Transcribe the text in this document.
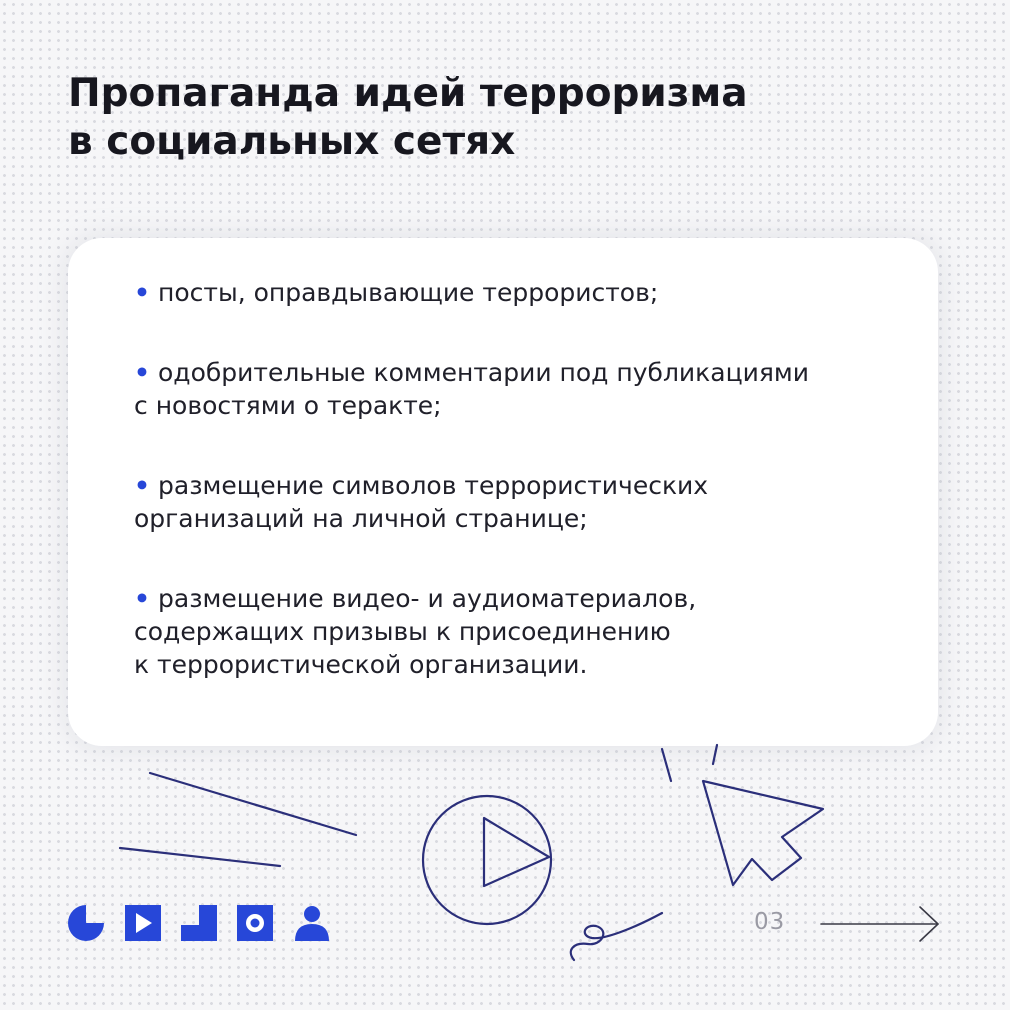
Пропаганда идей терроризма
в социальных сетях
• посты, оправдывающие террористов;
• одобрительные комментарии под публикациями
с новостями о теракте;
• размещение символов террористических
организаций на личной странице;
• размещение видео- и аудиоматериалов,
содержащих призывы к присоединению
к террористической организации.
03
